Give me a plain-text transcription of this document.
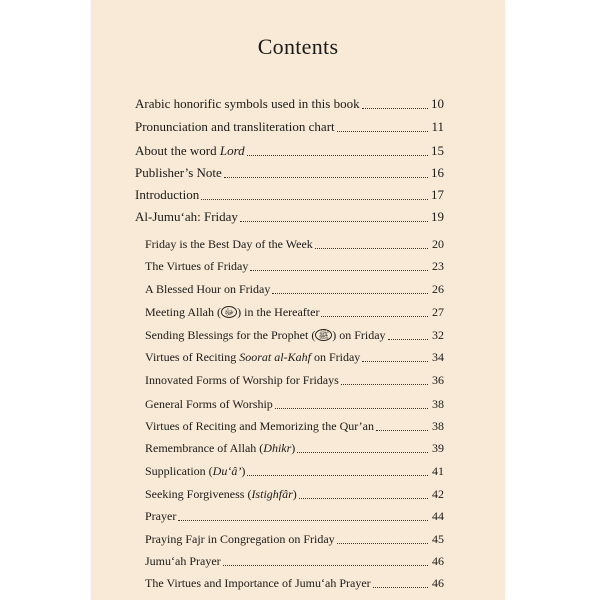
Contents
Arabic honorific symbols used in this book	10
Pronunciation and transliteration chart	11
About the word Lord	15
Publisher’s Note	16
Introduction	17
Al-Jumu‘ah: Friday	19
Friday is the Best Day of the Week	20
The Virtues of Friday	23
A Blessed Hour on Friday	26
Meeting Allah ( ﷻ ) in the Hereafter	27
Sending Blessings for the Prophet ( ﷺ ) on Friday	32
Virtues of Reciting Soorat al-Kahf on Friday	34
Innovated Forms of Worship for Fridays	36
General Forms of Worship	38
Virtues of Reciting and Memorizing the Qur’an	38
Remembrance of Allah (Dhikr)	39
Supplication (Du‘â’)	41
Seeking Forgiveness (Istighfâr)	42
Prayer	44
Praying Fajr in Congregation on Friday	45
Jumu‘ah Prayer	46
The Virtues and Importance of Jumu‘ah Prayer	46
